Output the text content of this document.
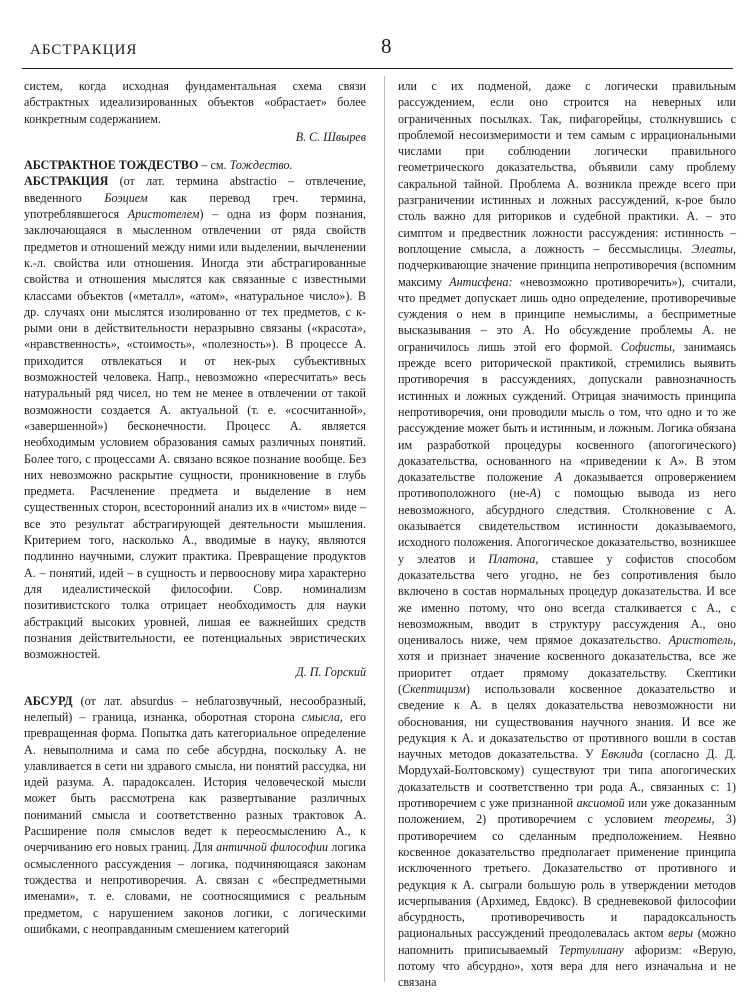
АБСТРАКЦИЯ	8

систем, когда исходная фундаментальная схема связи абстрактных идеализированных объектов «обрастает» более конкретным содержанием.

В. С. Швырев

АБСТРАКТНОЕ ТОЖДЕСТВО – см. Тождество.

АБСТРАКЦИЯ (от лат. термина abstractio – отвлечение, введенного Боэцием как перевод греч. термина, употреблявшегося Аристотелем) – одна из форм познания, заключающаяся в мысленном отвлечении от ряда свойств предметов и отношений между ними или выделении, вычленении к.-л. свойства или отношения. Иногда эти абстрагированные свойства и отношения мыслятся как связанные с известными классами объектов («металл», «атом», «натуральное число»). В др. случаях они мыслятся изолированно от тех предметов, с к-рыми они в действительности неразрывно связаны («красота», «нравственность», «стоимость», «полезность»). В процессе А. приходится отвлекаться и от нек-рых субъективных возможностей человека. Напр., невозможно «пересчитать» весь натуральный ряд чисел, но тем не менее в отвлечении от такой возможности создается А. актуальной (т. е. «сосчитанной», «завершенной») бесконечности. Процесс А. является необходимым условием образования самых различных понятий. Более того, с процессами А. связано всякое познание вообще. Без них невозможно раскрытие сущности, проникновение в глубь предмета. Расчленение предмета и выделение в нем существенных сторон, всесторонний анализ их в «чистом» виде – все это результат абстрагирующей деятельности мышления. Критерием того, насколько А., вводимые в науку, являются подлинно научными, служит практика. Превращение продуктов А. – понятий, идей – в сущность и первооснову мира характерно для идеалистической философии. Совр. номинализм позитивистского толка отрицает необходимость для науки абстракций высоких уровней, лишая ее важнейших средств познания действительности, ее потенциальных эвристических возможностей.

Д. П. Горский

АБСУРД (от лат. absurdus – неблагозвучный, несообразный, нелепый) – граница, изнанка, оборотная сторона смысла, его превращенная форма. Попытка дать категориальное определение А. невыполнима и сама по себе абсурдна, поскольку А. не улавливается в сети ни здравого смысла, ни понятий рассудка, ни идей разума. А. парадоксален. История человеческой мысли может быть рассмотрена как развертывание различных пониманий смысла и соответственно разных трактовок А. Расширение поля смыслов ведет к переосмыслению А., к очерчиванию его новых границ. Для античной философии логика осмысленного рассуждения – логика, подчиняющаяся законам тождества и непротиворечия. А. связан с «беспредметными именами», т. е. словами, не соотносящимися с реальным предметом, с нарушением законов логики, с логическими ошибками, с неоправданным смешением категорий

или с их подменой, даже с логически правильным рассуждением, если оно строится на неверных или ограниченных посылках. Так, пифагорейцы, столкнувшись с проблемой несоизмеримости и тем самым с иррациональными числами при соблюдении логически правильного геометрического доказательства, объявили саму проблему сакральной тайной. Проблема А. возникла прежде всего при разграничении истинных и ложных рассуждений, к-рое было столь важно для риториков и судебной практики. А. – это симптом и предвестник ложности рассуждения: истинность – воплощение смысла, а ложность – бессмыслицы. Элеаты, подчеркивающие значение принципа непротиворечия (вспомним максиму Антисфена: «невозможно противоречить»), считали, что предмет допускает лишь одно определение, противоречивые суждения о нем в принципе немыслимы, а бесприметные высказывания – это А. Но обсуждение проблемы А. не ограничилось лишь этой его формой. Софисты, занимаясь прежде всего риторической практикой, стремились выявить противоречия в рассуждениях, допускали равнозначность истинных и ложных суждений. Отрицая значимость принципа непротиворечия, они проводили мысль о том, что одно и то же рассуждение может быть и истинным, и ложным. Логика обязана им разработкой процедуры косвенного (апогогического) доказательства, основанного на «приведении к А». В этом доказательстве положение А доказывается опровержением противоположного (не-А) с помощью вывода из него невозможного, абсурдного следствия. Столкновение с А. оказывается свидетельством истинности доказываемого, исходного положения. Апогогическое доказательство, возникшее у элеатов и Платона, ставшее у софистов способом доказательства чего угодно, не без сопротивления было включено в состав нормальных процедур доказательства. И все же именно потому, что оно всегда сталкивается с А., с невозможным, вводит в структуру рассуждения А., оно оценивалось ниже, чем прямое доказательство. Аристотель, хотя и признает значение косвенного доказательства, все же приоритет отдает прямому доказательству. Скептики (Скептицизм) использовали косвенное доказательство и сведение к А. в целях доказательства невозможности ни обоснования, ни существования научного знания. И все же редукция к А. и доказательство от противного вошли в состав научных методов доказательства. У Евклида (согласно Д. Д. Мордухай-Болтовскому) существуют три типа апогогических доказательств и соответственно три рода А., связанных с: 1) противоречием с уже признанной аксиомой или уже доказанным положением, 2) противоречием с условием теоремы, 3) противоречием со сделанным предположением. Неявно косвенное доказательство предполагает применение принципа исключенного третьего. Доказательство от противного и редукция к А. сыграли большую роль в утверждении методов исчерпывания (Архимед, Евдокс). В средневековой философии абсурдность, противоречивость и парадоксальность рациональных рассуждений преодолевалась актом веры (можно напомнить приписываемый Тертуллиану афоризм: «Верую, потому что абсурдно», хотя вера для него изначальна и не связана
